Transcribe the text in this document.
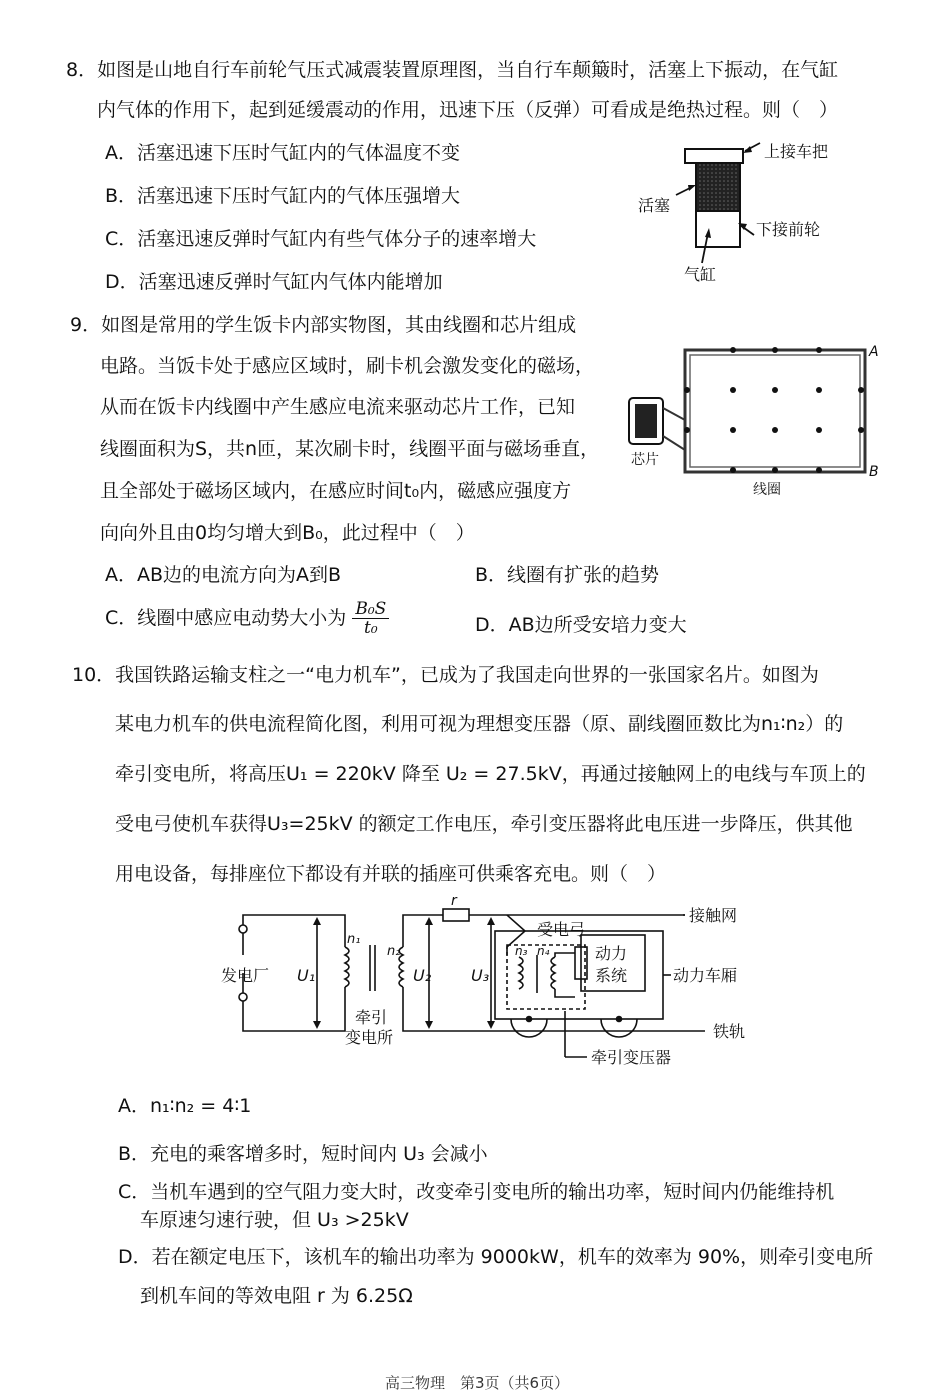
8．如图是山地自行车前轮气压式减震装置原理图，当自行车颠簸时，活塞上下振动，在气缸
内气体的作用下，起到延缓震动的作用，迅速下压（反弹）可看成是绝热过程。则（　）
A．活塞迅速下压时气缸内的气体温度不变
B．活塞迅速下压时气缸内的气体压强增大
C．活塞迅速反弹时气缸内有些气体分子的速率增大
D．活塞迅速反弹时气缸内气体内能增加
上接车把
活塞
下接前轮
气缸
9．如图是常用的学生饭卡内部实物图，其由线圈和芯片组成
电路。当饭卡处于感应区域时，刷卡机会激发变化的磁场，
从而在饭卡内线圈中产生感应电流来驱动芯片工作，已知
线圈面积为S，共n匝，某次刷卡时，线圈平面与磁场垂直，
且全部处于磁场区域内，在感应时间t₀内，磁感应强度方
向向外且由0均匀增大到B₀，此过程中（　）
A．AB边的电流方向为A到B	B．线圈有扩张的趋势
C．线圈中感应电动势大小为 $\frac{\text{B₀S}}{\text{t₀}}$	D．AB边所受安培力变大
A
B
芯片
线圈
10．我国铁路运输支柱之一“电力机车”，已成为了我国走向世界的一张国家名片。如图为
某电力机车的供电流程简化图，利用可视为理想变压器（原、副线圈匝数比为n₁∶n₂）的
牵引变电所，将高压U₁ = 220kV 降至 U₂ = 27.5kV，再通过接触网上的电线与车顶上的
受电弓使机车获得U₃=25kV 的额定工作电压，牵引变压器将此电压进一步降压，供其他
用电设备，每排座位下都设有并联的插座可供乘客充电。则（　）
发电厂 U₁
n₁
n₂
U₂ U₃
r
牵引
变电所
受电弓
接触网
n₃ n₄	动力
系统	动力车厢
铁轨
牵引变压器
A．n₁∶n₂ = 4∶1
B．充电的乘客增多时，短时间内 U₃ 会减小
C．当机车遇到的空气阻力变大时，改变牵引变电所的输出功率，短时间内仍能维持机
车原速匀速行驶，但 U₃ >25kV
D．若在额定电压下，该机车的输出功率为 9000kW，机车的效率为 90%，则牵引变电所
到机车间的等效电阻 r 为 6.25Ω
高三物理　第3页（共6页）
